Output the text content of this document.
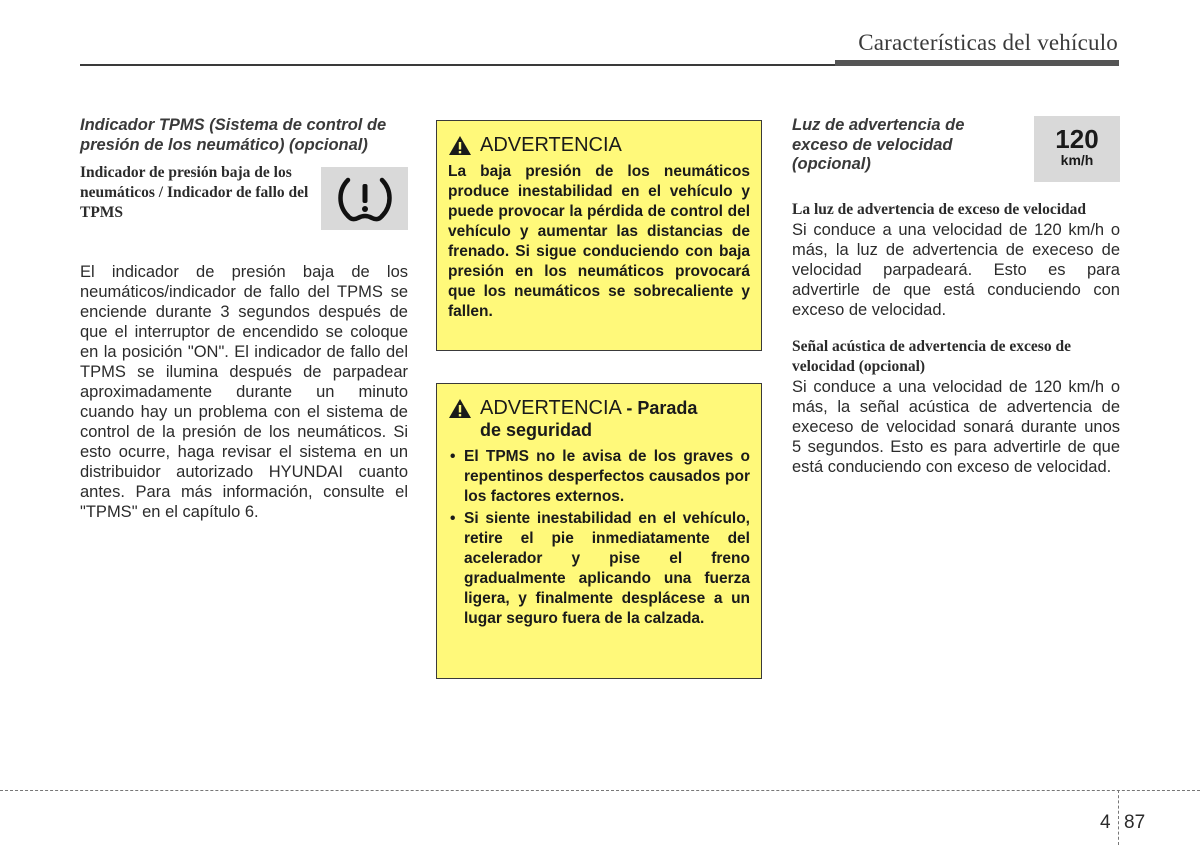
Características del vehículo
Indicador TPMS (Sistema de control de presión de los neumático) (opcional)
Indicador de presión baja de los neumáticos / Indicador de fallo del TPMS
El indicador de presión baja de los neumáticos/indicador de fallo del TPMS se enciende durante 3 segundos después de que el interruptor de encendido se coloque en la posición "ON". El indicador de fallo del TPMS se ilumina después de parpadear aproximadamente durante un minuto cuando hay un problema con el sistema de control de la presión de los neumáticos. Si esto ocurre, haga revisar el sistema en un distribuidor autorizado HYUNDAI cuanto antes. Para más información, consulte el "TPMS" en el capítulo 6.
ADVERTENCIA
La baja presión de los neumáticos produce inestabilidad en el vehículo y puede provocar la pérdida de control del vehículo y aumentar las distancias de frenado. Si sigue conduciendo con baja presión en los neumáticos provocará que los neumáticos se sobrecaliente y fallen.
ADVERTENCIA - Parada
de seguridad
• El TPMS no le avisa de los graves o repentinos desperfectos causados por los factores externos.
• Si siente inestabilidad en el vehículo, retire el pie inmediatamente del acelerador y pise el freno gradualmente aplicando una fuerza ligera, y finalmente desplácese a un lugar seguro fuera de la calzada.
Luz de advertencia de exceso de velocidad (opcional)
120
km/h
La luz de advertencia de exceso de velocidad
Si conduce a una velocidad de 120 km/h o más, la luz de advertencia de execeso de velocidad parpadeará. Esto es para advertirle de que está conduciendo con exceso de velocidad.
Señal acústica de advertencia de exceso de velocidad (opcional)
Si conduce a una velocidad de 120 km/h o más, la señal acústica de advertencia de execeso de velocidad sonará durante unos 5 segundos. Esto es para advertirle de que está conduciendo con exceso de velocidad.
4 87
